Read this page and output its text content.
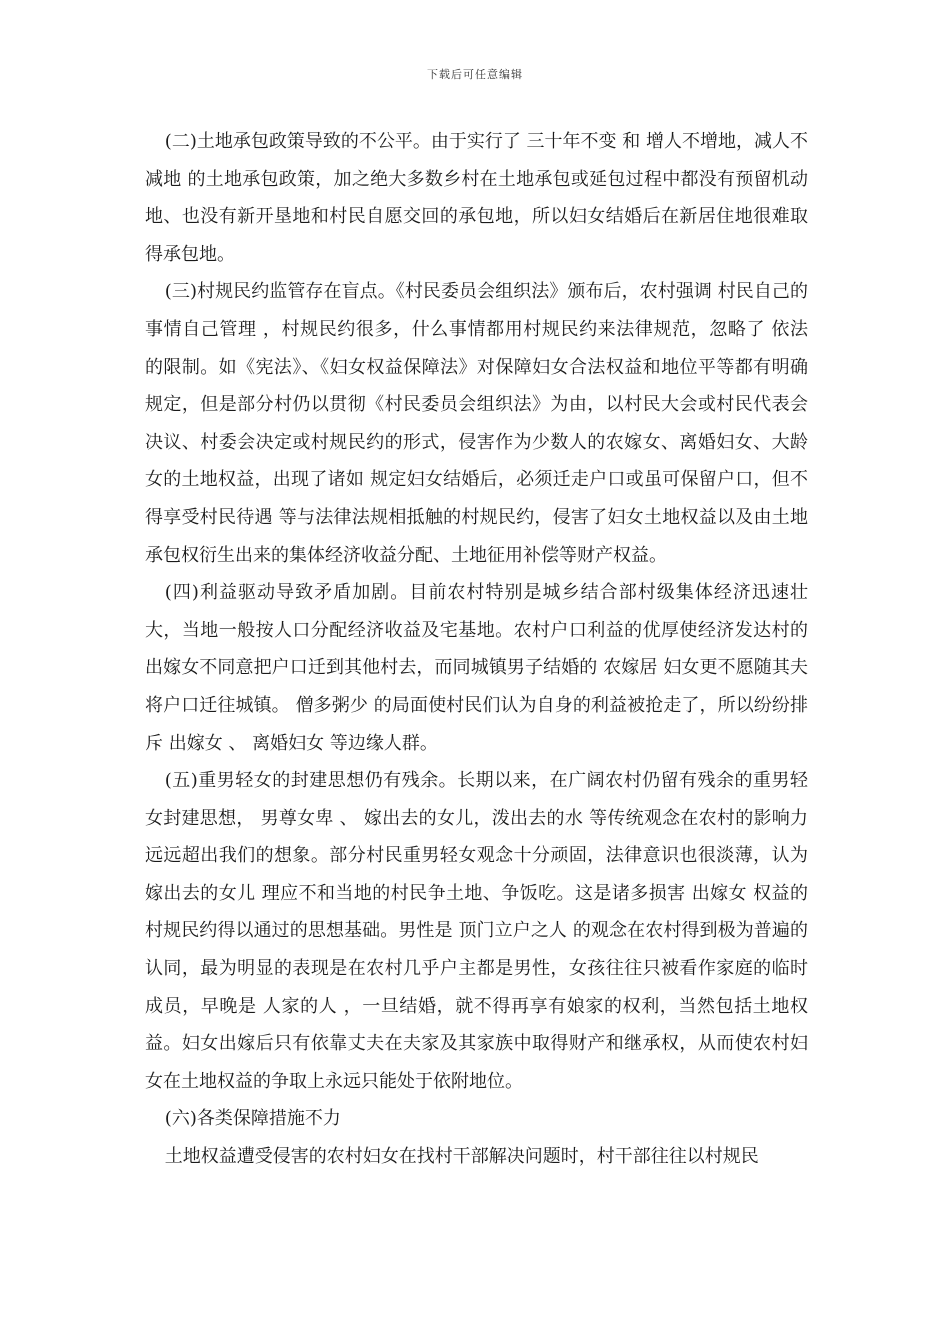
下载后可任意编辑

(二)土地承包政策导致的不公平。由于实行了 三十年不变 和 增人不增地，减人不减地 的土地承包政策，加之绝大多数乡村在土地承包或延包过程中都没有预留机动地、也没有新开垦地和村民自愿交回的承包地，所以妇女结婚后在新居住地很难取得承包地。

(三)村规民约监管存在盲点。《村民委员会组织法》颁布后，农村强调 村民自己的事情自己管理 ，村规民约很多，什么事情都用村规民约来法律规范，忽略了 依法 的限制。如《宪法》、《妇女权益保障法》对保障妇女合法权益和地位平等都有明确规定，但是部分村仍以贯彻《村民委员会组织法》为由，以村民大会或村民代表会决议、村委会决定或村规民约的形式，侵害作为少数人的农嫁女、离婚妇女、大龄女的土地权益，出现了诸如 规定妇女结婚后，必须迁走户口或虽可保留户口，但不得享受村民待遇 等与法律法规相抵触的村规民约，侵害了妇女土地权益以及由土地承包权衍生出来的集体经济收益分配、土地征用补偿等财产权益。

(四)利益驱动导致矛盾加剧。目前农村特别是城乡结合部村级集体经济迅速壮大，当地一般按人口分配经济收益及宅基地。农村户口利益的优厚使经济发达村的出嫁女不同意把户口迁到其他村去，而同城镇男子结婚的 农嫁居 妇女更不愿随其夫将户口迁往城镇。 僧多粥少 的局面使村民们认为自身的利益被抢走了，所以纷纷排斥 出嫁女 、 离婚妇女 等边缘人群。

(五)重男轻女的封建思想仍有残余。长期以来，在广阔农村仍留有残余的重男轻女封建思想， 男尊女卑 、 嫁出去的女儿，泼出去的水 等传统观念在农村的影响力远远超出我们的想象。部分村民重男轻女观念十分顽固，法律意识也很淡薄，认为 嫁出去的女儿 理应不和当地的村民争土地、争饭吃。这是诸多损害 出嫁女 权益的村规民约得以通过的思想基础。男性是 顶门立户之人 的观念在农村得到极为普遍的认同，最为明显的表现是在农村几乎户主都是男性，女孩往往只被看作家庭的临时成员，早晚是 人家的人 ，一旦结婚，就不得再享有娘家的权利，当然包括土地权益。妇女出嫁后只有依靠丈夫在夫家及其家族中取得财产和继承权，从而使农村妇女在土地权益的争取上永远只能处于依附地位。

(六)各类保障措施不力

土地权益遭受侵害的农村妇女在找村干部解决问题时，村干部往往以村规民
